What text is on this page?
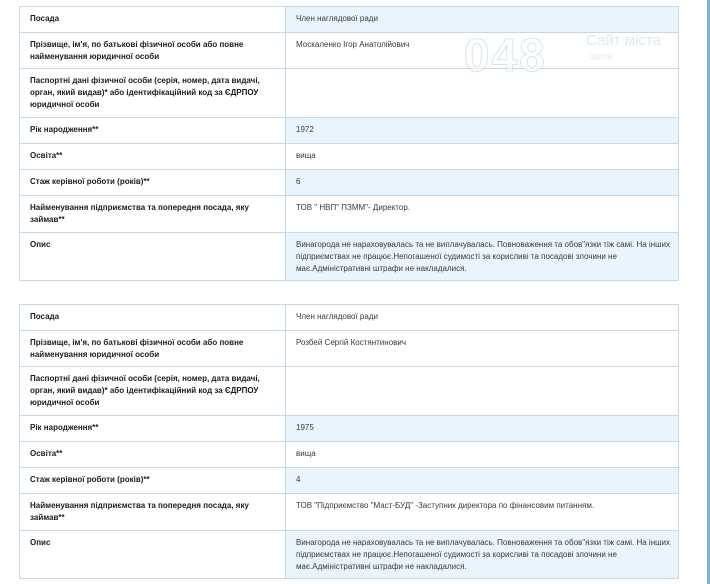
Посада	Член наглядової ради
Прізвище, ім'я, по батькові фізичної особи або повне найменування юридичної особи	Москаленко Ігор Анатолійович
Паспортні дані фізичної особи (серія, номер, дата видачі, орган, який видав)* або ідентифікаційний код за ЄДРПОУ юридичної особи	
Рік народження**	1972
Освіта**	вища
Стаж керівної роботи (років)**	6
Найменування підприємства та попередня посада, яку займав**	ТОВ " НВП" ПЗММ"- Директор.
Опис	Винагорода не нараховувалась та не виплачувалась. Повноваження та обов"язки тіж самі. На інших підприємствах не працює.Непогашеної судимості за корисливі та посадові злочини не має.Адміністративні штрафи не накладалися.
Посада	Член наглядової ради
Прізвище, ім'я, по батькові фізичної особи або повне найменування юридичної особи	Розбей Сергій Костянтинович
Паспортні дані фізичної особи (серія, номер, дата видачі, орган, який видав)* або ідентифікаційний код за ЄДРПОУ юридичної особи	
Рік народження**	1975
Освіта**	вища
Стаж керівної роботи (років)**	4
Найменування підприємства та попередня посада, яку займав**	ТОВ "Підприємство "Маст-БУД" -Заступник директора по фінансовим питанням.
Опис	Винагорода не нараховувалась та не виплачувалась. Повноваження та обов"язки тіж самі. На інших підприємствах не працює.Непогашеної судимості за корисливі та посадові злочини не має.Адміністративні штрафи не накладалися.
048	Сайт міста
Одеса
